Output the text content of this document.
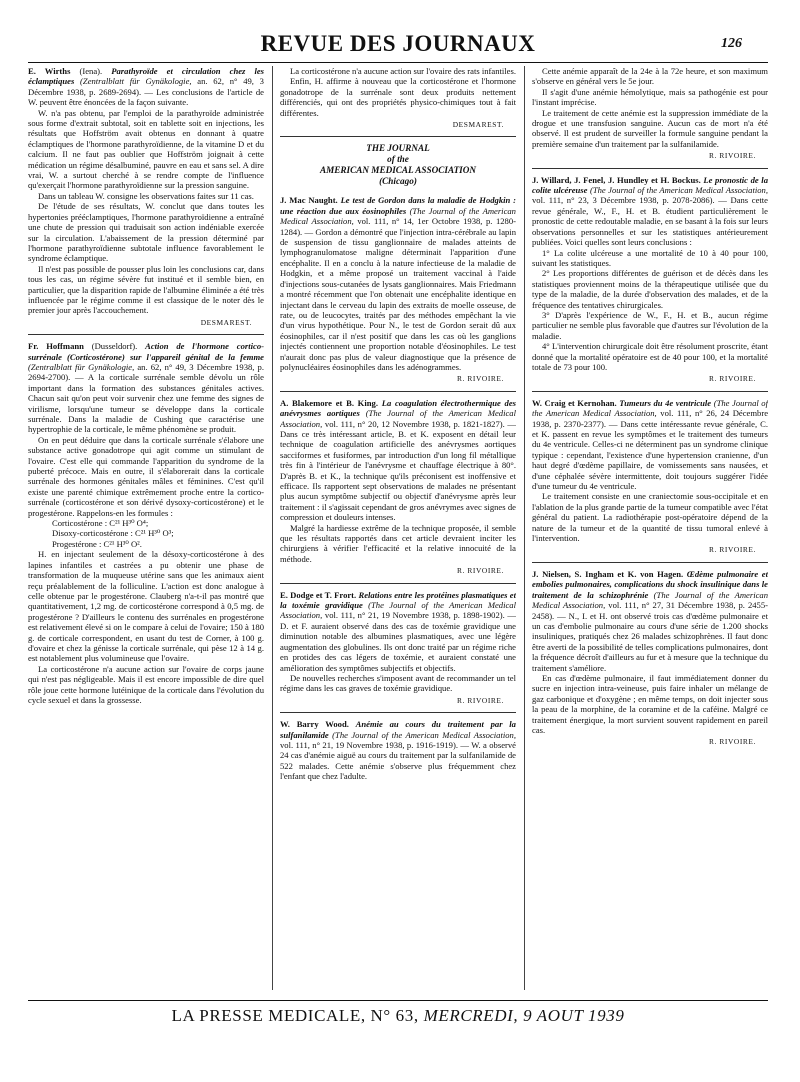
REVUE DES JOURNAUX	126

E. Wirths (Iena). Parathyroïde et circulation chez les éclamptiques (Zentralblatt für Gynäkologie, an. 62, n° 49, 3 Décembre 1938, p. 2689-2694). — Les conclusions de l'article de W. peuvent être énoncées de la façon suivante.

W. n'a pas obtenu, par l'emploi de la parathyroïde administrée sous forme d'extrait subtotal, soit en tablette soit en injections, les résultats que Hoffström avait obtenus en donnant à quatre éclamptiques de l'hormone parathyroïdienne, de la vitamine D et du calcium. Il ne faut pas oublier que Hoffström joignait à cette médication un régime désalbuminé, pauvre en eau et sans sel. A dire vrai, W. a surtout cherché à se rendre compte de l'influence qu'exerçait l'hormone parathyroïdienne sur la pression sanguine.

Dans un tableau W. consigne les observations faites sur 11 cas.

De l'étude de ses résultats, W. conclut que dans toutes les hypertonies prééclamptiques, l'hormone parathyroïdienne a entraîné une chute de pression qui traduisait son action indéniable exercée sur la circulation. L'abaissement de la pression déterminé par l'hormone parathyroïdienne subtotale influence favorablement le syndrome éclamptique.

Il n'est pas possible de pousser plus loin les conclusions car, dans tous les cas, un régime sévère fut institué et il semble bien, en particulier, que la disparition rapide de l'albumine éliminée a été très influencée par le régime comme il est classique de le noter dès le premier jour après l'accouchement.

DESMAREST.

Fr. Hoffmann (Dusseldorf). Action de l'hormone cortico-surrénale (Corticostérone) sur l'appareil génital de la femme (Zentralblatt für Gynäkologie, an. 62, n° 49, 3 Décembre 1938, p. 2694-2700). — A la corticale surrénale semble dévolu un rôle important dans la formation des substances génitales actives. Chacun sait qu'on peut voir survenir chez une femme des signes de virilisme, lorsqu'une tumeur se développe dans la corticale surrénale. Dans la maladie de Cushing que caractérise une hypertrophie de la corticale, le même phénomène se produit.

On en peut déduire que dans la corticale surrénale s'élabore une substance active gonadotrope qui agit comme un stimulant de l'ovaire. C'est elle qui commande l'apparition du syndrome de la puberté précoce. Mais en outre, il s'élaborerait dans la corticale surrénale des hormones génitales mâles et féminines. C'est qu'il existe une parenté chimique extrêmement proche entre la cortico-surrénale (corticostérone et son dérivé dysoxy-corticostérone) et le progestérone. Rappelons-en les formules :

Corticostérone : C²¹ H³⁰ O⁴;

Disoxy-corticostérone : C²¹ H³⁰ O³;

Progestérone : C²¹ H³⁰ O².

H. en injectant seulement de la désoxy-corticostérone à des lapines infantiles et castrées a pu obtenir une phase de transformation de la muqueuse utérine sans que les animaux aient reçu préalablement de la folliculine. L'action est donc analogue à celle obtenue par le progestérone. Clauberg n'a-t-il pas montré que quantitativement, 1,2 mg. de corticostérone correspond à 0,5 mg. de progestérone ? D'ailleurs le contenu des surrénales en progestérone est relativement élevé si on le compare à celui de l'ovaire; 150 à 180 g. de corticale correspondent, en usant du test de Corner, à 100 g. d'ovaire et chez la génisse la corticale surrénale, qui pèse 12 à 14 g. est notablement plus volumineuse que l'ovaire.

La corticostérone n'a aucune action sur l'ovaire de corps jaune qui n'est pas négligeable. Mais il est encore impossible de dire quel rôle joue cette hormone lutéinique de la corticale dans l'évolution du cycle sexuel et dans la grossesse.

La corticostérone n'a aucune action sur l'ovaire des rats infantiles.

Enfin, H. affirme à nouveau que la corticostérone et l'hormone gonadotrope de la surrénale sont deux produits nettement différenciés, qui ont des propriétés physico-chimiques tout à fait différentes.

DESMAREST.
THE JOURNAL
of the
AMERICAN MEDICAL ASSOCIATION
(Chicago)

J. Mac Naught. Le test de Gordon dans la maladie de Hodgkin : une réaction due aux éosinophiles (The Journal of the American Medical Association, vol. 111, n° 14, 1er Octobre 1938, p. 1280-1284). — Gordon a démontré que l'injection intra-cérébrale au lapin de suspension de tissu ganglionnaire de malades atteints de lymphogranulomatose maligne déterminait l'apparition d'une encéphalite. Il en a conclu à la nature infectieuse de la maladie de Hodgkin, et a même proposé un traitement vaccinal à l'aide d'injections sous-cutanées de lysats ganglionnaires. Mais Friedmann a montré récemment que l'on obtenait une encéphalite identique en injectant dans le cerveau du lapin des extraits de moelle osseuse, de rate, ou de leucocytes, traités par des méthodes empêchant la vie d'un virus hypothétique. Pour N., le test de Gordon serait dû aux éosinophiles, car il n'est positif que dans les cas où les ganglions injectés contiennent une proportion notable d'éosinophiles. Le test n'aurait donc pas plus de valeur diagnostique que la présence de polynucléaires éosinophiles dans les adénogrammes.

R. RIVOIRE.

A. Blakemore et B. King. La coagulation électrothermique des anévrysmes aortiques (The Journal of the American Medical Association, vol. 111, n° 20, 12 Novembre 1938, p. 1821-1827). — Dans ce très intéressant article, B. et K. exposent en détail leur technique de coagulation artificielle des anévrysmes aortiques sacciformes et fusiformes, par introduction d'un long fil métallique très fin à l'intérieur de l'anévrysme et chauffage électrique à 80°. D'après B. et K., la technique qu'ils préconisent est inoffensive et efficace. Ils rapportent sept observations de malades ne présentant plus aucun symptôme subjectif ou objectif d'anévrysme après leur traitement : il s'agissait cependant de gros anévrymes avec signes de compression et douleurs intenses.

Malgré la hardiesse extrême de la technique proposée, il semble que les résultats rapportés dans cet article devraient inciter les chirurgiens à vérifier l'efficacité et la relative innocuité de la méthode.

R. RIVOIRE.

E. Dodge et T. Frort. Relations entre les protéines plasmatiques et la toxémie gravidique (The Journal of the American Medical Association, vol. 111, n° 21, 19 Novembre 1938, p. 1898-1902). — D. et F. auraient observé dans des cas de toxémie gravidique une diminution notable des albumines plasmatiques, avec une légère augmentation des globulines. Ils ont donc traité par un régime riche en protides des cas légers de toxémie, et auraient constaté une amélioration des symptômes subjectifs et objectifs.

De nouvelles recherches s'imposent avant de recommander un tel régime dans les cas graves de toxémie gravidique.

R. RIVOIRE.

W. Barry Wood. Anémie au cours du traitement par la sulfanilamide (The Journal of the American Medical Association, vol. 111, n° 21, 19 Novembre 1938, p. 1916-1919). — W. a observé 24 cas d'anémie aiguë au cours du traitement par la sulfanilamide de 522 malades. Cette anémie s'observe plus fréquemment chez l'enfant que chez l'adulte.

Cette anémie apparaît de la 24e à la 72e heure, et son maximum s'observe en général vers le 5e jour.

Il s'agit d'une anémie hémolytique, mais sa pathogénie est pour l'instant imprécise.

Le traitement de cette anémie est la suppression immédiate de la drogue et une transfusion sanguine. Aucun cas de mort n'a été observé. Il est prudent de surveiller la formule sanguine pendant la première semaine d'un traitement par la sulfanilamide.

R. RIVOIRE.

J. Willard, J. Fenel, J. Hundley et H. Bockus. Le pronostic de la colite ulcéreuse (The Journal of the American Medical Association, vol. 111, n° 23, 3 Décembre 1938, p. 2078-2086). — Dans cette revue générale, W., F., H. et B. étudient particulièrement le pronostic de cette redoutable maladie, en se basant à la fois sur leurs observations personnelles et sur les statistiques antérieurement publiées. Voici quelles sont leurs conclusions :

1° La colite ulcéreuse a une mortalité de 10 à 40 pour 100, suivant les statistiques.

2° Les proportions différentes de guérison et de décès dans les statistiques proviennent moins de la thérapeutique utilisée que du type de la maladie, de la durée d'observation des malades, et de la fréquence des tentatives chirurgicales.

3° D'après l'expérience de W., F., H. et B., aucun régime particulier ne semble plus favorable que d'autres sur l'évolution de la maladie.

4° L'intervention chirurgicale doit être résolument proscrite, étant donné que la mortalité opératoire est de 40 pour 100, et la mortalité totale de 73 pour 100.

R. RIVOIRE.

W. Craig et Kernohan. Tumeurs du 4e ventricule (The Journal of the American Medical Association, vol. 111, n° 26, 24 Décembre 1938, p. 2370-2377). — Dans cette intéressante revue générale, C. et K. passent en revue les symptômes et le traitement des tumeurs du 4e ventricule. Celles-ci ne déterminent pas un syndrome clinique typique : cependant, l'existence d'une hypertension cranienne, d'un haut degré d'œdème papillaire, de vomissements sans nausées, et d'une céphalée sévère intermittente, doit toujours suggérer l'idée d'une tumeur du 4e ventricule.

Le traitement consiste en une craniectomie sous-occipitale et en l'ablation de la plus grande partie de la tumeur compatible avec l'état général du patient. La radiothérapie post-opératoire dépend de la nature de la tumeur et de la quantité de tissu tumoral enlevé à l'intervention.

R. RIVOIRE.

J. Nielsen, S. Ingham et K. von Hagen. Œdème pulmonaire et embolies pulmonaires, complications du shock insulinique dans le traitement de la schizophrénie (The Journal of the American Medical Association, vol. 111, n° 27, 31 Décembre 1938, p. 2455-2458). — N., I. et H. ont observé trois cas d'œdème pulmonaire et un cas d'embolie pulmonaire au cours d'une série de 1.200 shocks insuliniques, pratiqués chez 26 malades schizophrènes. Il faut donc être averti de la possibilité de telles complications pulmonaires, dont la fréquence décroît d'ailleurs au fur et à mesure que la technique du traitement s'améliore.

En cas d'œdème pulmonaire, il faut immédiatement donner du sucre en injection intra-veineuse, puis faire inhaler un mélange de gaz carbonique et d'oxygène ; en même temps, on doit injecter sous la peau de la morphine, de la coramine et de la caféine. Malgré ce traitement énergique, la mort survient souvent rapidement en pareil cas.

R. RIVOIRE.
LA PRESSE MEDICALE, N° 63, MERCREDI, 9 AOUT 1939
